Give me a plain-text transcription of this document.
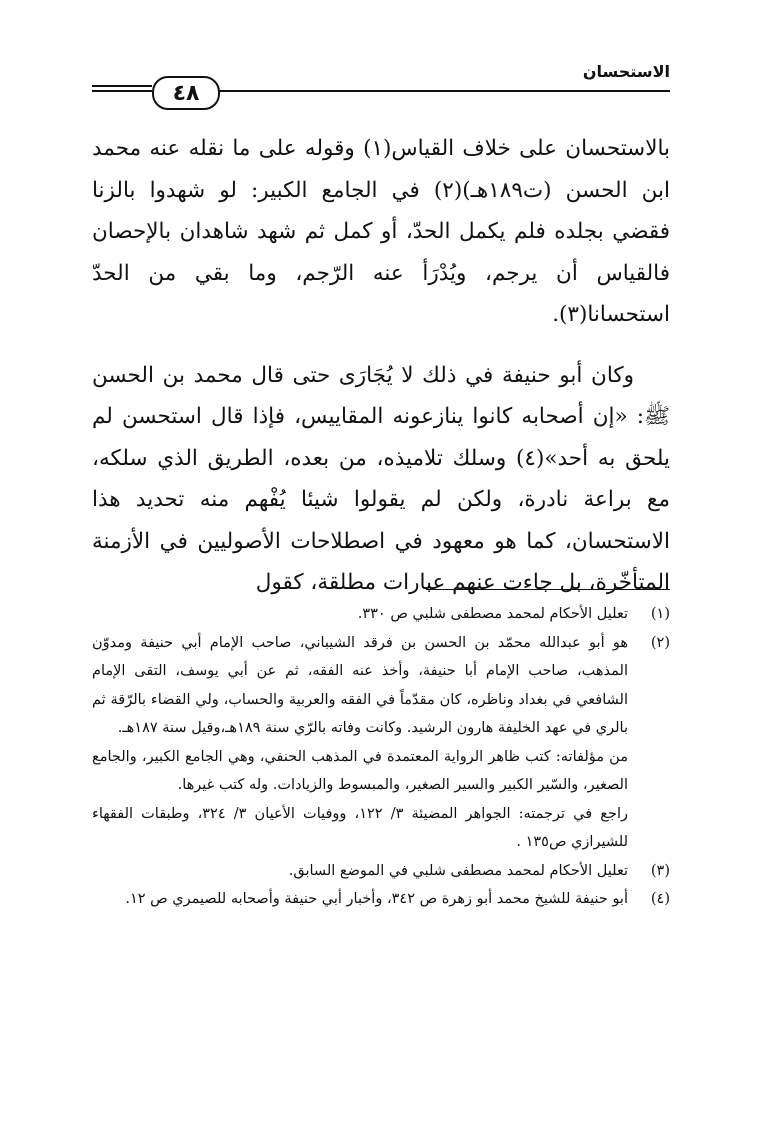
الاستحسان
٤٨

بالاستحسان على خلاف القياس(١) وقوله على ما نقله عنه محمد ابن الحسن (ت١٨٩هـ)(٢) في الجامع الكبير: لو شهدوا بالزنا فقضي بجلده فلم يكمل الحدّ، أو كمل ثم شهد شاهدان بالإحصان فالقياس أن يرجم، ويُدْرَأ عنه الرّجم، وما بقي من الحدّ استحسانا(٣).

وكان أبو حنيفة في ذلك لا يُجَارَى حتى قال محمد بن الحسن ﷺ: «إن أصحابه كانوا ينازعونه المقاييس، فإذا قال استحسن لم يلحق به أحد»(٤) وسلك تلاميذه، من بعده، الطريق الذي سلكه، مع براعة نادرة، ولكن لم يقولوا شيئا يُفْهم منه تحديد هذا الاستحسان، كما هو معهود في اصطلاحات الأصوليين في الأزمنة المتأخّرة، بل جاءت عنهم عبارات مطلقة، كقول

(١)

تعليل الأحكام لمحمد مصطفى شلبي ص ٣٣٠.

(٢)

هو أبو عبدالله محمّد بن الحسن بن فرقد الشيباني، صاحب الإمام أبي حنيفة ومدوّن المذهب، صاحب الإمام أبا حنيفة، وأخذ عنه الفقه، ثم عن أبي يوسف، التقى الإمام الشافعي في بغداد وناظره، كان مقدّماً في الفقه والعربية والحساب، ولي القضاء بالرّقة ثم بالري في عهد الخليفة هارون الرشيد. وكانت وفاته بالرّي سنة ١٨٩هـ،وقيل سنة ١٨٧هـ.

من مؤلفاته: كتب ظاهر الرواية المعتمدة في المذهب الحنفي، وهي الجامع الكبير، والجامع الصغير، والسّير الكبير والسير الصغير، والمبسوط والزيادات. وله كتب غيرها.

راجع في ترجمته: الجواهر المضيئة ٣/ ١٢٢، ووفيات الأعيان ٣/ ٣٢٤، وطبقات الفقهاء للشيرازي ص١٣٥ .

(٣)

تعليل الأحكام لمحمد مصطفى شلبي في الموضع السابق.

(٤)

أبو حنيفة للشيخ محمد أبو زهرة ص ٣٤٢، وأخبار أبي حنيفة وأصحابه للصيمري ص ١٢.
